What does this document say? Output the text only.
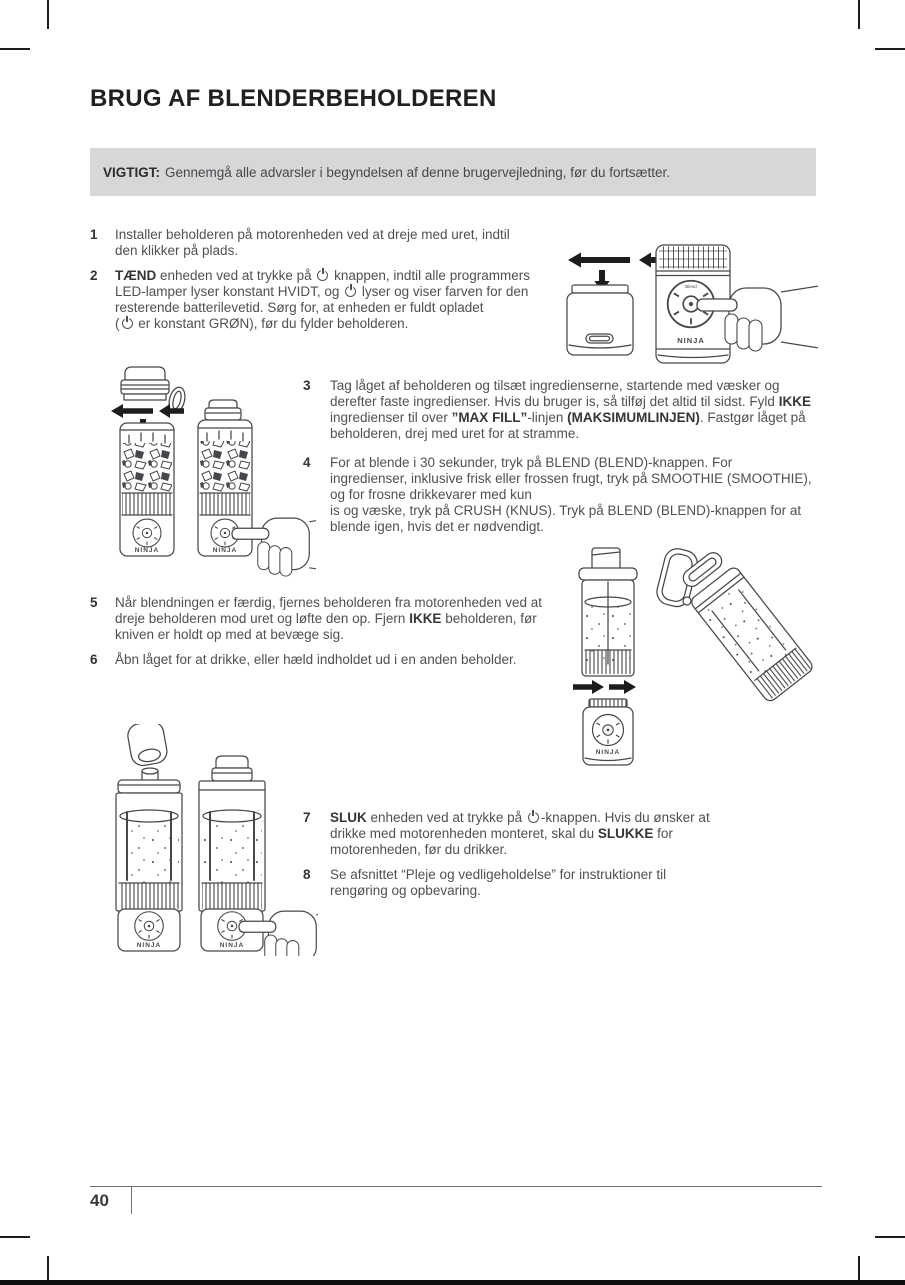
BRUG AF BLENDERBEHOLDEREN
VIGTIGT: Gennemgå alle advarsler i begyndelsen af denne brugervejledning, før du fortsætter.
1	Installer beholderen på motorenheden ved at dreje med uret, indtil den klikker på plads.
2	TÆND enheden ved at trykke på  knappen, indtil alle programmers LED-lamper lyser konstant HVIDT, og  lyser og viser farven for den resterende batterilevetid. Sørg for, at enheden er fuldt opladet
( er konstant GRØN), før du fylder beholderen.
3	Tag låget af beholderen og tilsæt ingredienserne, startende med væsker og derefter faste ingredienser. Hvis du bruger is, så tilføj det altid til sidst. Fyld IKKE ingredienser til over ”MAX FILL”-linjen (MAKSIMUMLINJEN). Fastgør låget på beholderen, drej med uret for at stramme.
4	For at blende i 30 sekunder, tryk på BLEND (BLEND)-knappen. For ingredienser, inklusive frisk eller frossen frugt, tryk på SMOOTHIE (SMOOTHIE), og for frosne drikkevarer med kun
is og væske, tryk på CRUSH (KNUS). Tryk på BLEND (BLEND)-knappen for at blende igen, hvis det er nødvendigt.
5	Når blendningen er færdig, fjernes beholderen fra motorenheden ved at dreje beholderen mod uret og løfte den op. Fjern IKKE beholderen, før kniven er holdt op med at bevæge sig.
6	Åbn låget for at drikke, eller hæld indholdet ud i en anden beholder.
7	SLUK enheden ved at trykke på -knappen. Hvis du ønsker at drikke med motorenheden monteret, skal du SLUKKE for motorenheden, før du drikker.
8	Se afsnittet “Pleje og vedligeholdelse” for instruktioner til rengøring og opbevaring.
Blend
NINJA
NINJA	NINJA
NINJA
NINJA	NINJA
40
